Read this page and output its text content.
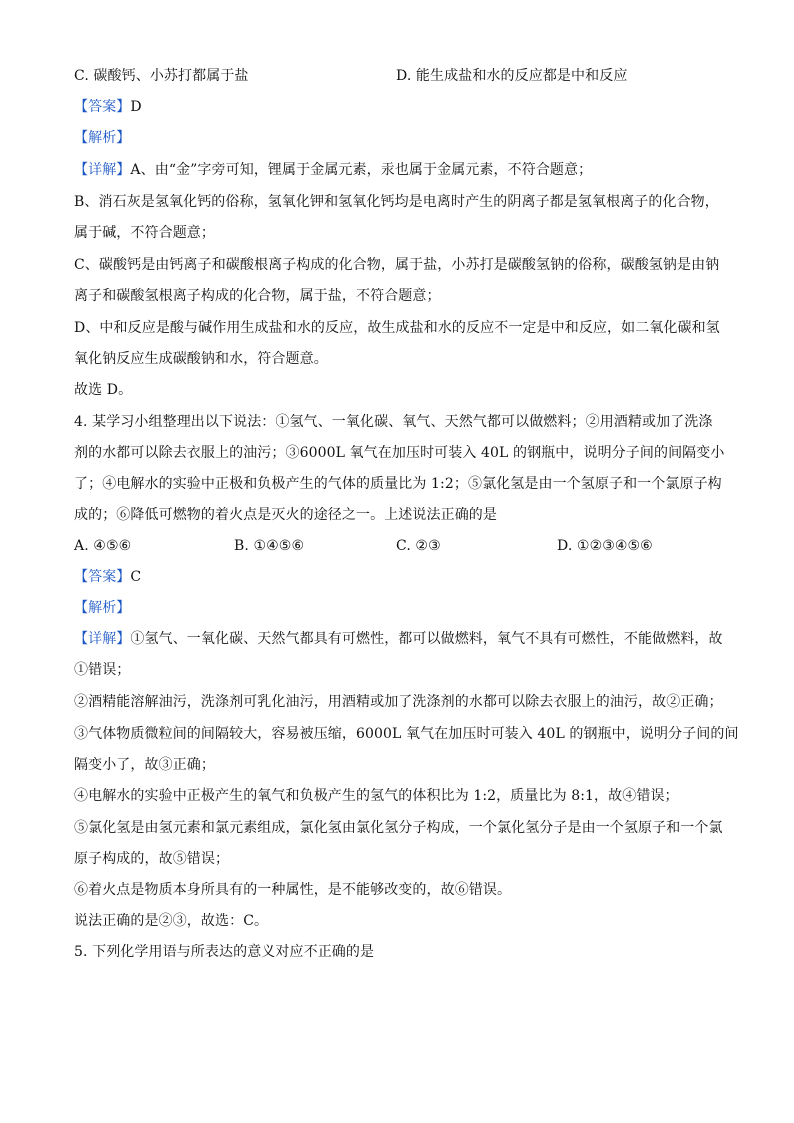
C. 碳酸钙、小苏打都属于盐	D. 能生成盐和水的反应都是中和反应
【答案】D
【解析】
【详解】A、由“金”字旁可知，锂属于金属元素，汞也属于金属元素，不符合题意；
B、消石灰是氢氧化钙的俗称，氢氧化钾和氢氧化钙均是电离时产生的阴离子都是氢氧根离子的化合物，
属于碱，不符合题意；
C、碳酸钙是由钙离子和碳酸根离子构成的化合物，属于盐，小苏打是碳酸氢钠的俗称，碳酸氢钠是由钠
离子和碳酸氢根离子构成的化合物，属于盐，不符合题意；
D、中和反应是酸与碱作用生成盐和水的反应，故生成盐和水的反应不一定是中和反应，如二氧化碳和氢
氧化钠反应生成碳酸钠和水，符合题意。
故选 D。
4. 某学习小组整理出以下说法：①氢气、一氧化碳、氧气、天然气都可以做燃料；②用酒精或加了洗涤
剂的水都可以除去衣服上的油污；③6000L 氧气在加压时可装入 40L 的钢瓶中，说明分子间的间隔变小
了；④电解水的实验中正极和负极产生的气体的质量比为 1:2；⑤氯化氢是由一个氢原子和一个氯原子构
成的；⑥降低可燃物的着火点是灭火的途径之一。上述说法正确的是
A. ④⑤⑥	B. ①④⑤⑥	C. ②③	D. ①②③④⑤⑥
【答案】C
【解析】
【详解】①氢气、一氧化碳、天然气都具有可燃性，都可以做燃料，氧气不具有可燃性，不能做燃料，故
①错误；
②酒精能溶解油污，洗涤剂可乳化油污，用酒精或加了洗涤剂的水都可以除去衣服上的油污，故②正确；
③气体物质微粒间的间隔较大，容易被压缩，6000L 氧气在加压时可装入 40L 的钢瓶中，说明分子间的间
隔变小了，故③正确；
④电解水的实验中正极产生的氧气和负极产生的氢气的体积比为 1:2，质量比为 8:1，故④错误；
⑤氯化氢是由氢元素和氯元素组成，氯化氢由氯化氢分子构成，一个氯化氢分子是由一个氢原子和一个氯
原子构成的，故⑤错误；
⑥着火点是物质本身所具有的一种属性，是不能够改变的，故⑥错误。
说法正确的是②③，故选：C。
5. 下列化学用语与所表达的意义对应不正确的是
